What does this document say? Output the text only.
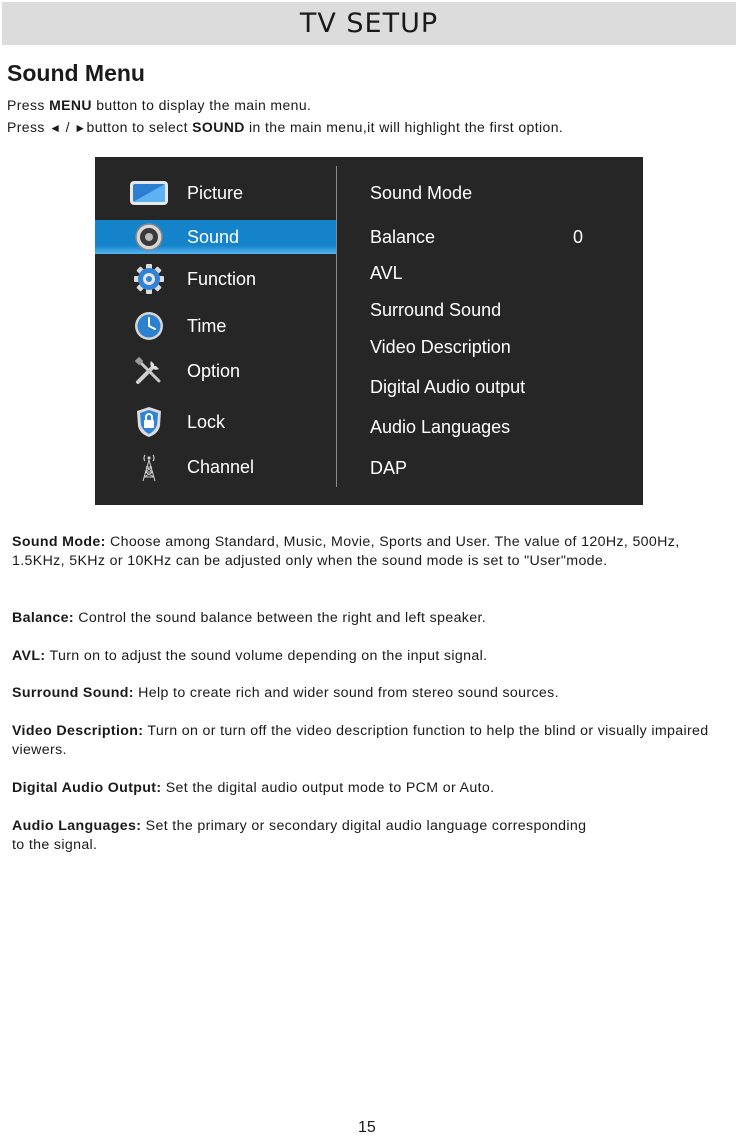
TV SETUP
Sound Menu
Press MENU button to display the main menu.
Press ◄ / ►button to select SOUND in the main menu,it will highlight the first option.
Picture
Sound
Function
Time
Option
Lock
Channel
Sound Mode
Balance	0
AVL
Surround Sound
Video Description
Digital Audio output
Audio Languages
DAP
Sound Mode: Choose among Standard, Music, Movie, Sports and User. The value of 120Hz, 500Hz, 1.5KHz, 5KHz or 10KHz can be adjusted only when the sound mode is set to "User"mode.
Balance: Control the sound balance between the right and left speaker.
AVL: Turn on to adjust the sound volume depending on the input signal.
Surround Sound: Help to create rich and wider sound from stereo sound sources.
Video Description: Turn on or turn off the video description function to help the blind or visually impaired viewers.
Digital Audio Output: Set the digital audio output mode to PCM or Auto.
Audio Languages: Set the primary or secondary digital audio language corresponding to the signal.
15
